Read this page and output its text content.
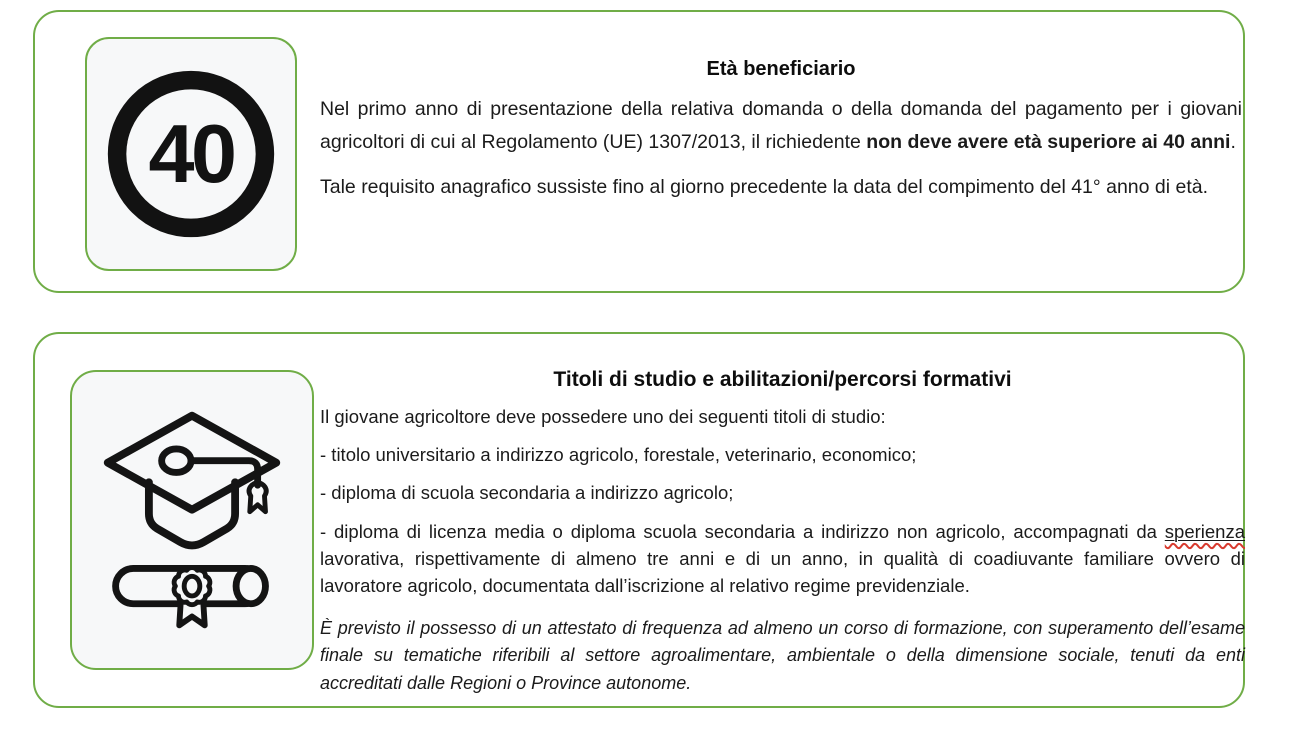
40
Età beneficiario

Nel primo anno di presentazione della relativa domanda o della domanda del pagamento per i giovani agricoltori di cui al Regolamento (UE) 1307/2013, il richiedente non deve avere età superiore ai 40 anni.

Tale requisito anagrafico sussiste fino al giorno precedente la data del compimento del 41° anno di età.

Titoli di studio e abilitazioni/percorsi formativi

Il giovane agricoltore deve possedere uno dei seguenti titoli di studio:

- titolo universitario a indirizzo agricolo, forestale, veterinario, economico;

- diploma di scuola secondaria a indirizzo agricolo;

- diploma di licenza media o diploma scuola secondaria a indirizzo non agricolo, accompagnati da sperienza lavorativa, rispettivamente di almeno tre anni e di un anno, in qualità di coadiuvante familiare ovvero di lavoratore agricolo, documentata dall’iscrizione al relativo regime previdenziale.

È previsto il possesso di un attestato di frequenza ad almeno un corso di formazione, con superamento dell’esame finale su tematiche riferibili al settore agroalimentare, ambientale o della dimensione sociale, tenuti da enti accreditati dalle Regioni o Province autonome.
